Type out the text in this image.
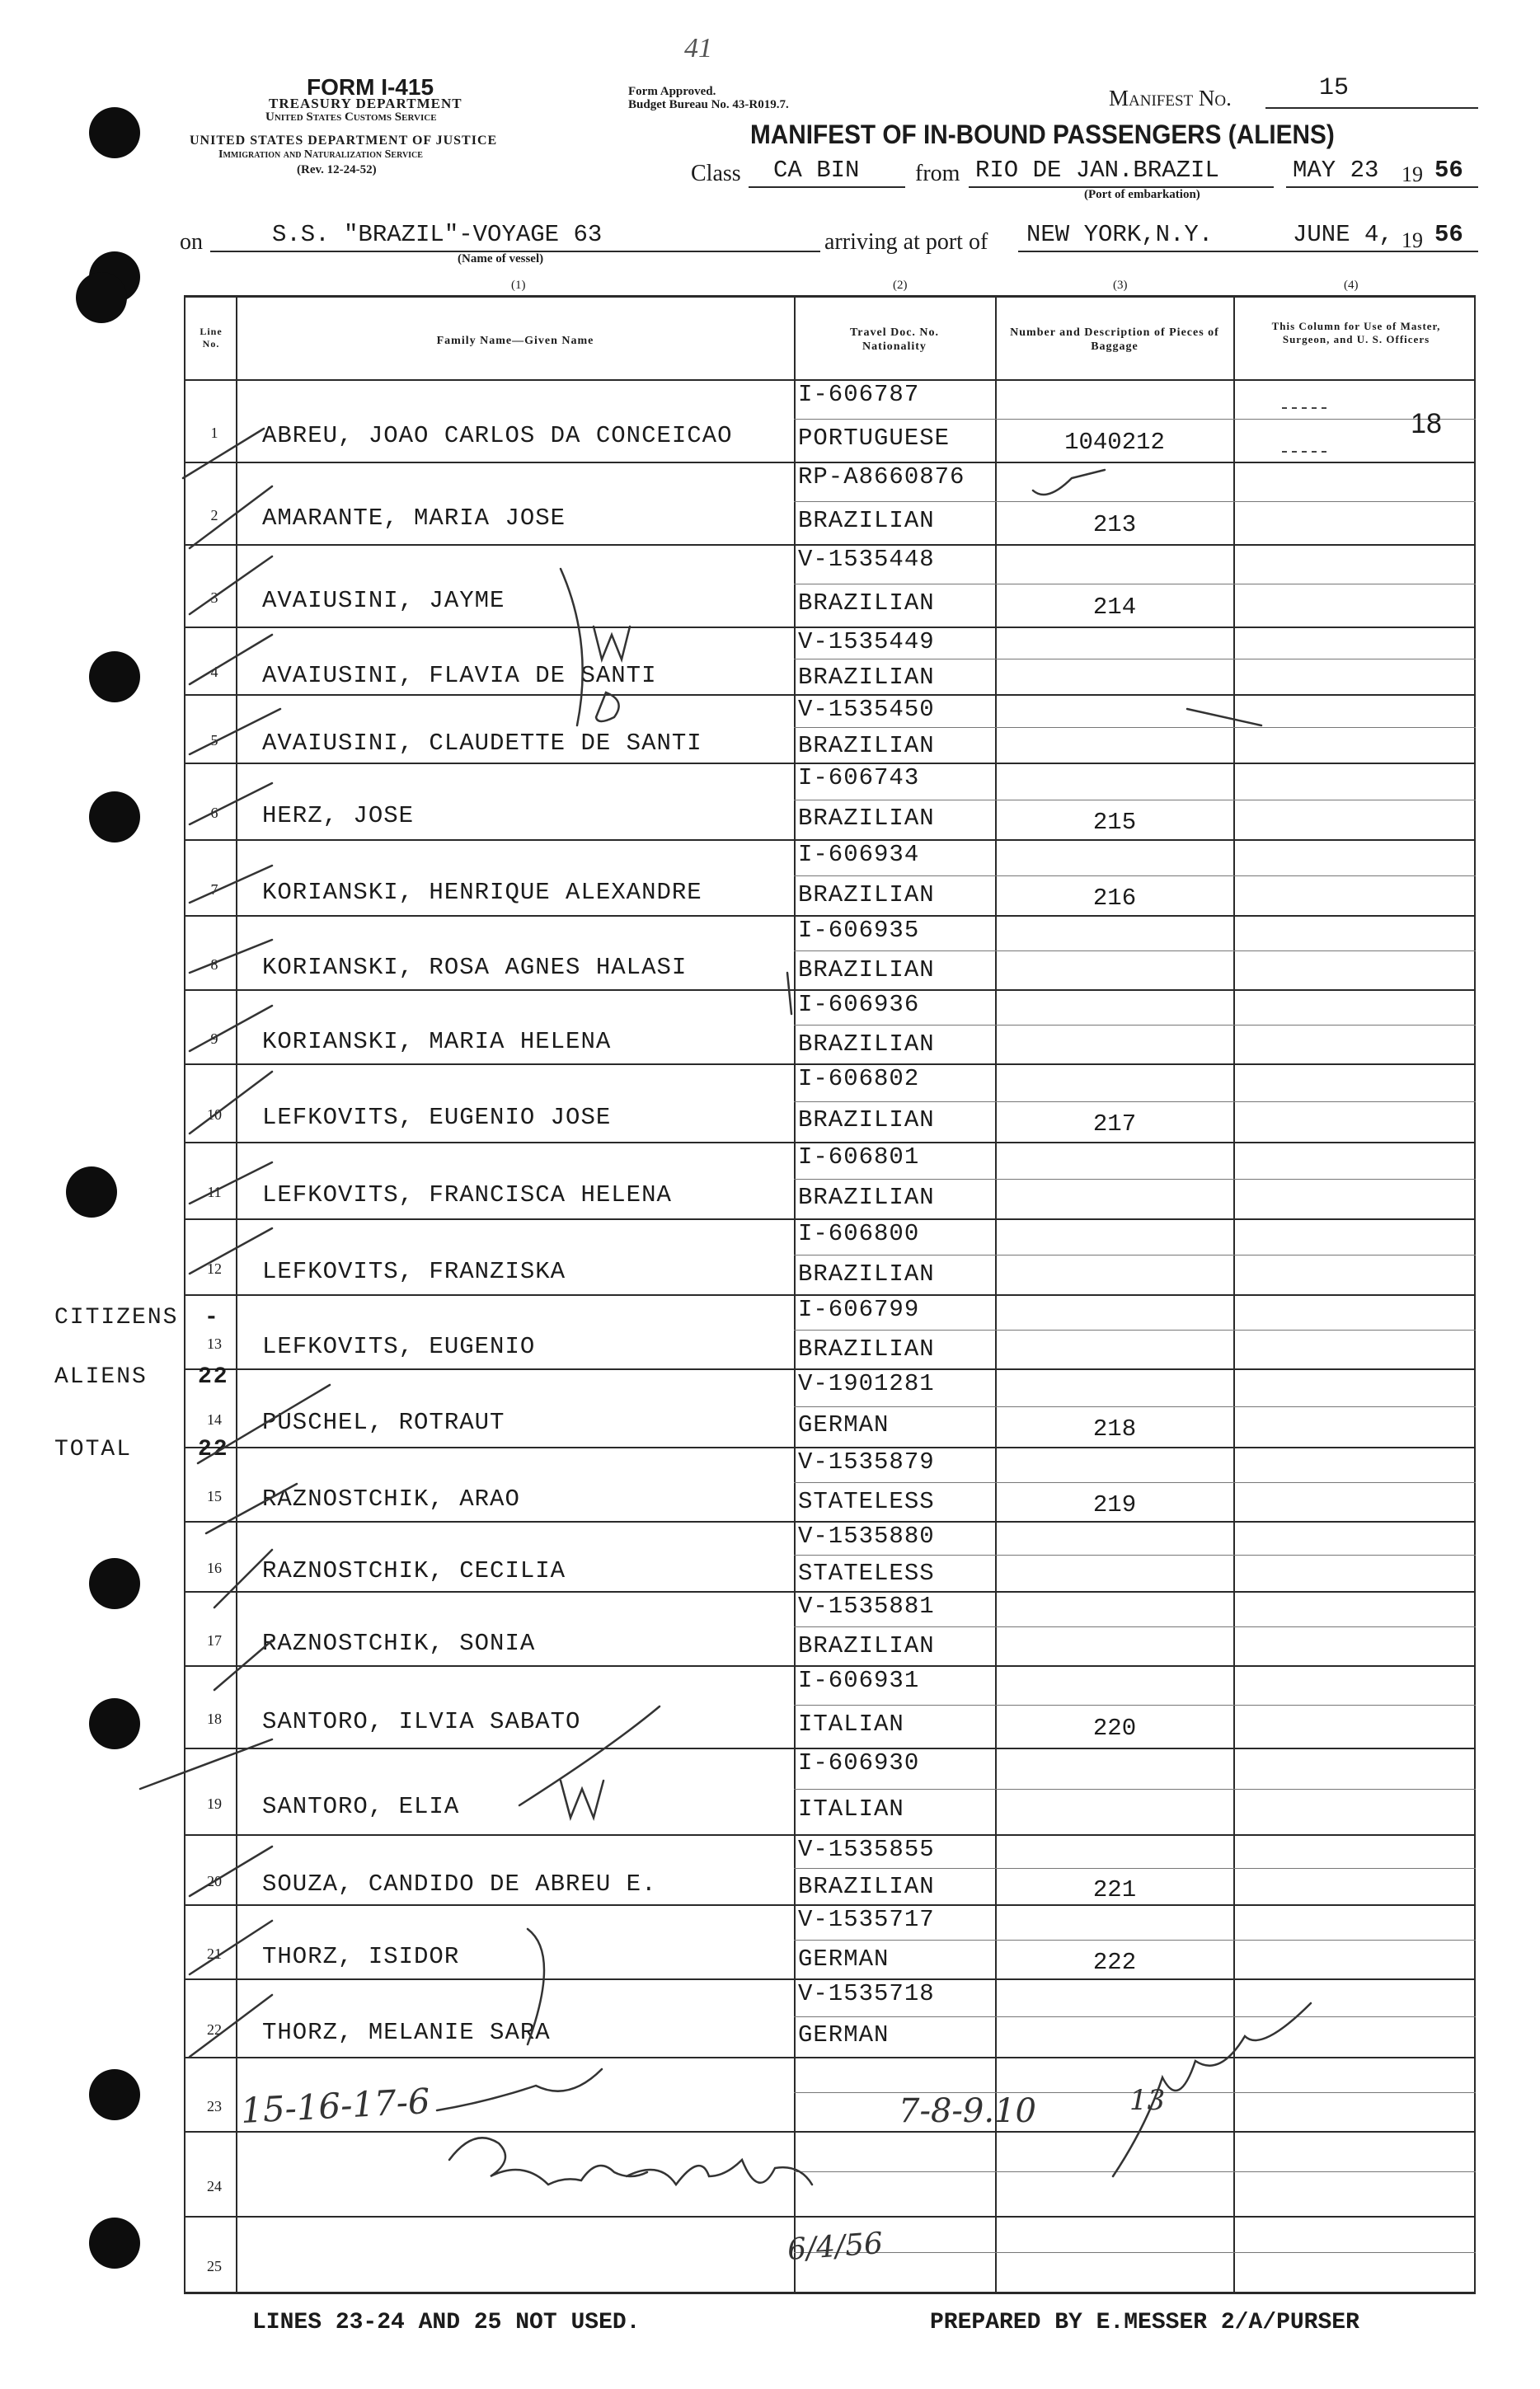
41
FORM I-415
TREASURY DEPARTMENT
United States Customs Service
UNITED STATES DEPARTMENT OF JUSTICE
Immigration and Naturalization Service
(Rev. 12-24-52)
Form Approved.
Budget Bureau No. 43-R019.7.	Manifest No.	15
MANIFEST OF IN-BOUND PASSENGERS (ALIENS)
Class CA BIN from RIO DE JAN.BRAZIL
(Port of embarkation)
MAY 23 19 56
on	S.S. "BRAZIL"-VOYAGE 63
(Name of vessel)
arriving at port of NEW YORK,N.Y.	JUNE 4, 19 56
(1)	(2)	(3)	(4)
Line No.	Family Name—Given Name
Travel Doc. No. Nationality
Number and Description of Pieces of Baggage
This Column for Use of Master, Surgeon, and U. S. Officers
1	ABREU, JOAO CARLOS DA CONCEICAO
I-606787
PORTUGUESE	1040212
18
2	AMARANTE, MARIA JOSE
RP-A8660876
BRAZILIAN	213
3	AVAIUSINI, JAYME
V-1535448
BRAZILIAN	214
4	AVAIUSINI, FLAVIA DE SANTI
V-1535449
BRAZILIAN
5	AVAIUSINI, CLAUDETTE DE SANTI
V-1535450
BRAZILIAN
6	HERZ, JOSE
I-606743
BRAZILIAN	215
7	KORIANSKI, HENRIQUE ALEXANDRE
I-606934
BRAZILIAN	216
8	KORIANSKI, ROSA AGNES HALASI
I-606935
BRAZILIAN
9	KORIANSKI, MARIA HELENA
I-606936
BRAZILIAN
10	LEFKOVITS, EUGENIO JOSE
I-606802
BRAZILIAN	217
11	LEFKOVITS, FRANCISCA HELENA
I-606801
BRAZILIAN
12	LEFKOVITS, FRANZISKA
I-606800
BRAZILIAN
13	LEFKOVITS, EUGENIO
I-606799
BRAZILIAN
14	PUSCHEL, ROTRAUT
V-1901281
GERMAN	218
15	RAZNOSTCHIK, ARAO
V-1535879
STATELESS	219
16	RAZNOSTCHIK, CECILIA
V-1535880
STATELESS
17	RAZNOSTCHIK, SONIA
V-1535881
BRAZILIAN
18	SANTORO, ILVIA SABATO
I-606931
ITALIAN	220
19	SANTORO, ELIA
I-606930
ITALIAN
20	SOUZA, CANDIDO DE ABREU E.
V-1535855
BRAZILIAN	221
21	THORZ, ISIDOR
V-1535717
GERMAN	222
22	THORZ, MELANIE SARA
V-1535718
GERMAN
23
24
25
CITIZENS -
ALIENS 22
TOTAL	22
15-16-17-6	7-8-9.10	13
6/4/56
LINES 23-24 AND 25 NOT USED.	PREPARED BY E.MESSER 2/A/PURSER
